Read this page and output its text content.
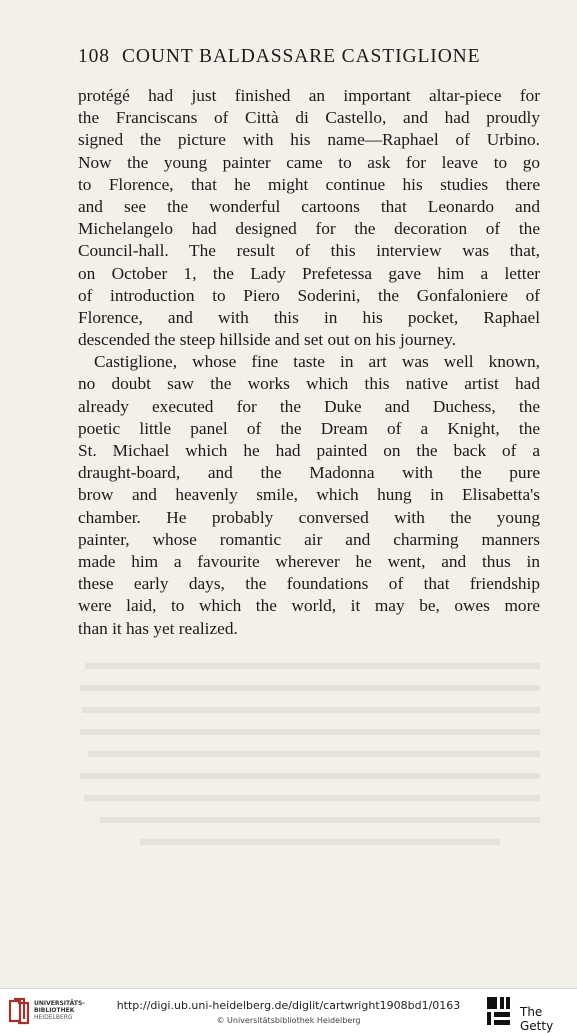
108 COUNT BALDASSARE CASTIGLIONE
protégé had just finished an important altar-piece for
the Franciscans of Città di Castello, and had proudly
signed the picture with his name—Raphael of Urbino.
Now the young painter came to ask for leave to go
to Florence, that he might continue his studies there
and see the wonderful cartoons that Leonardo and
Michelangelo had designed for the decoration of the
Council-hall. The result of this interview was that,
on October 1, the Lady Prefetessa gave him a letter
of introduction to Piero Soderini, the Gonfaloniere of
Florence, and with this in his pocket, Raphael
descended the steep hillside and set out on his journey.
Castiglione, whose fine taste in art was well known,
no doubt saw the works which this native artist had
already executed for the Duke and Duchess, the
poetic little panel of the Dream of a Knight, the
St. Michael which he had painted on the back of a
draught-board, and the Madonna with the pure
brow and heavenly smile, which hung in Elisabetta's
chamber. He probably conversed with the young
painter, whose romantic air and charming manners
made him a favourite wherever he went, and thus in
these early days, the foundations of that friendship
were laid, to which the world, it may be, owes more
than it has yet realized.
UNIVERSITÄTS-
BIBLIOTHEK
HEIDELBERG
http://digi.ub.uni-heidelberg.de/diglit/cartwright1908bd1/0163
© Universitätsbibliothek Heidelberg
The Getty
